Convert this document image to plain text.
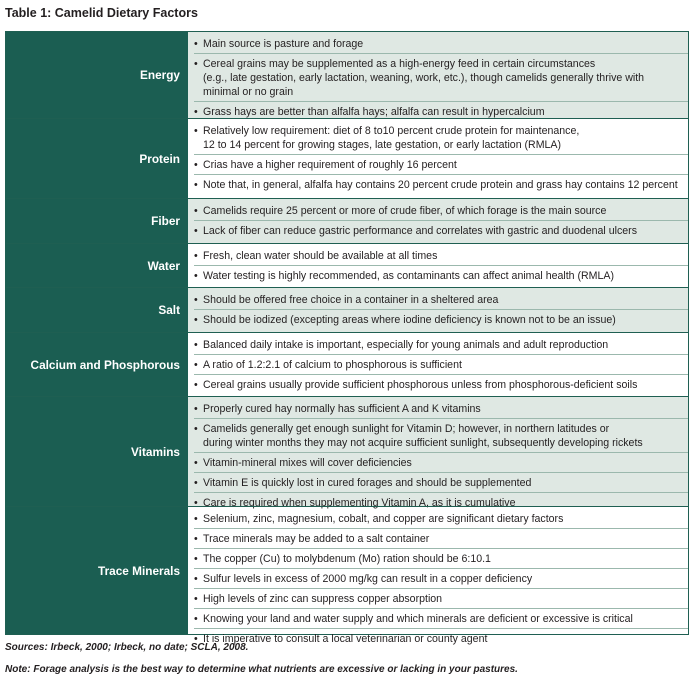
Table 1: Camelid Dietary Factors
Energy
• Main source is pasture and forage
• Cereal grains may be supplemented as a high-energy feed in certain circumstances
(e.g., late gestation, early lactation, weaning, work, etc.), though camelids generally thrive with
minimal or no grain
• Grass hays are better than alfalfa hays; alfalfa can result in hypercalcium
Protein
• Relatively low requirement: diet of 8 to10 percent crude protein for maintenance,
12 to 14 percent for growing stages, late gestation, or early lactation (RMLA)
• Crias have a higher requirement of roughly 16 percent
• Note that, in general, alfalfa hay contains 20 percent crude protein and grass hay contains 12 percent
Fiber
• Camelids require 25 percent or more of crude fiber, of which forage is the main source
• Lack of fiber can reduce gastric performance and correlates with gastric and duodenal ulcers
Water
• Fresh, clean water should be available at all times
• Water testing is highly recommended, as contaminants can affect animal health (RMLA)
Salt
• Should be offered free choice in a container in a sheltered area
• Should be iodized (excepting areas where iodine deficiency is known not to be an issue)
Calcium and Phosphorous
• Balanced daily intake is important, especially for young animals and adult reproduction
• A ratio of 1.2:2.1 of calcium to phosphorous is sufficient
• Cereal grains usually provide sufficient phosphorous unless from phosphorous-deficient soils
Vitamins
• Properly cured hay normally has sufficient A and K vitamins
• Camelids generally get enough sunlight for Vitamin D; however, in northern latitudes or
during winter months they may not acquire sufficient sunlight, subsequently developing rickets
• Vitamin-mineral mixes will cover deficiencies
• Vitamin E is quickly lost in cured forages and should be supplemented
• Care is required when supplementing Vitamin A, as it is cumulative
Trace Minerals
• Selenium, zinc, magnesium, cobalt, and copper are significant dietary factors
• Trace minerals may be added to a salt container
• The copper (Cu) to molybdenum (Mo) ration should be 6:10.1
• Sulfur levels in excess of 2000 mg/kg can result in a copper deficiency
• High levels of zinc can suppress copper absorption
• Knowing your land and water supply and which minerals are deficient or excessive is critical
• It is imperative to consult a local veterinarian or county agent
Sources: Irbeck, 2000; Irbeck, no date; SCLA, 2008.
Note: Forage analysis is the best way to determine what nutrients are excessive or lacking in your pastures.
